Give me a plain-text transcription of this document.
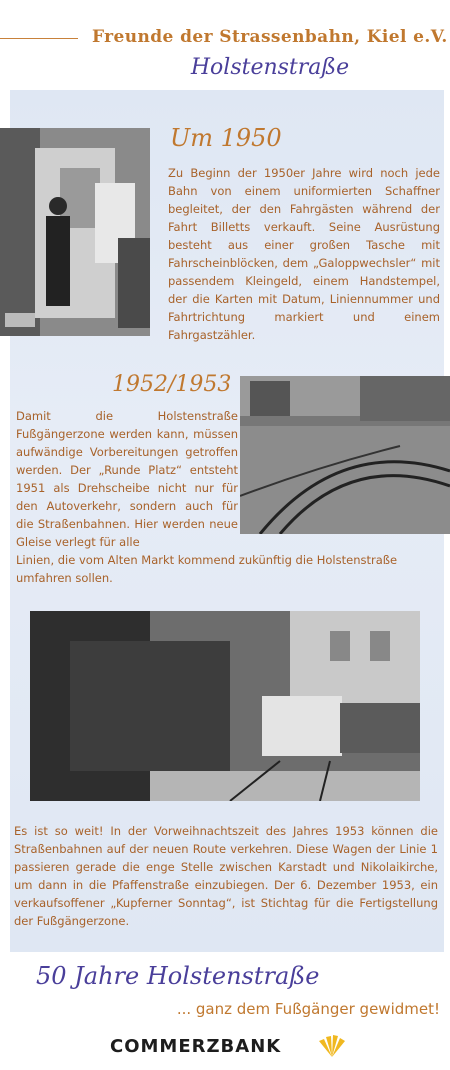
Freunde der Strassenbahn, Kiel e.V.
Holstenstraße
Um 1950
Zu Beginn der 1950er Jahre wird noch jede Bahn von einem uniformierten Schaffner begleitet, der den Fahrgästen während der Fahrt Billetts verkauft. Seine Ausrüstung besteht aus einer großen Tasche mit Fahrscheinblöcken, dem „Galoppwechsler“ mit passendem Kleingeld, einem Handstempel, der die Karten mit Datum, Liniennummer und Fahrtrichtung markiert und einem Fahrgastzähler.
1952/1953
Damit die Holstenstraße Fußgängerzone werden kann, müssen aufwändige Vorbereitungen getroffen werden. Der „Runde Platz“ entsteht 1951 als Drehscheibe nicht nur für den Autoverkehr, sondern auch für die Straßenbahnen. Hier werden neue Gleise verlegt für alle
Linien, die vom Alten Markt kommend zukünftig die Holstenstraße umfahren sollen.
Es ist so weit! In der Vorweihnachtszeit des Jahres 1953 können die Straßenbahnen auf der neuen Route verkehren. Diese Wagen der Linie 1 passieren gerade die enge Stelle zwischen Karstadt und Nikolaikirche, um dann in die Pfaffenstraße einzubiegen. Der 6. Dezember 1953, ein verkaufsoffener „Kupferner Sonntag“, ist Stichtag für die Fertigstellung der Fußgängerzone.
50 Jahre Holstenstraße
... ganz dem Fußgänger gewidmet!
COMMERZBANK
